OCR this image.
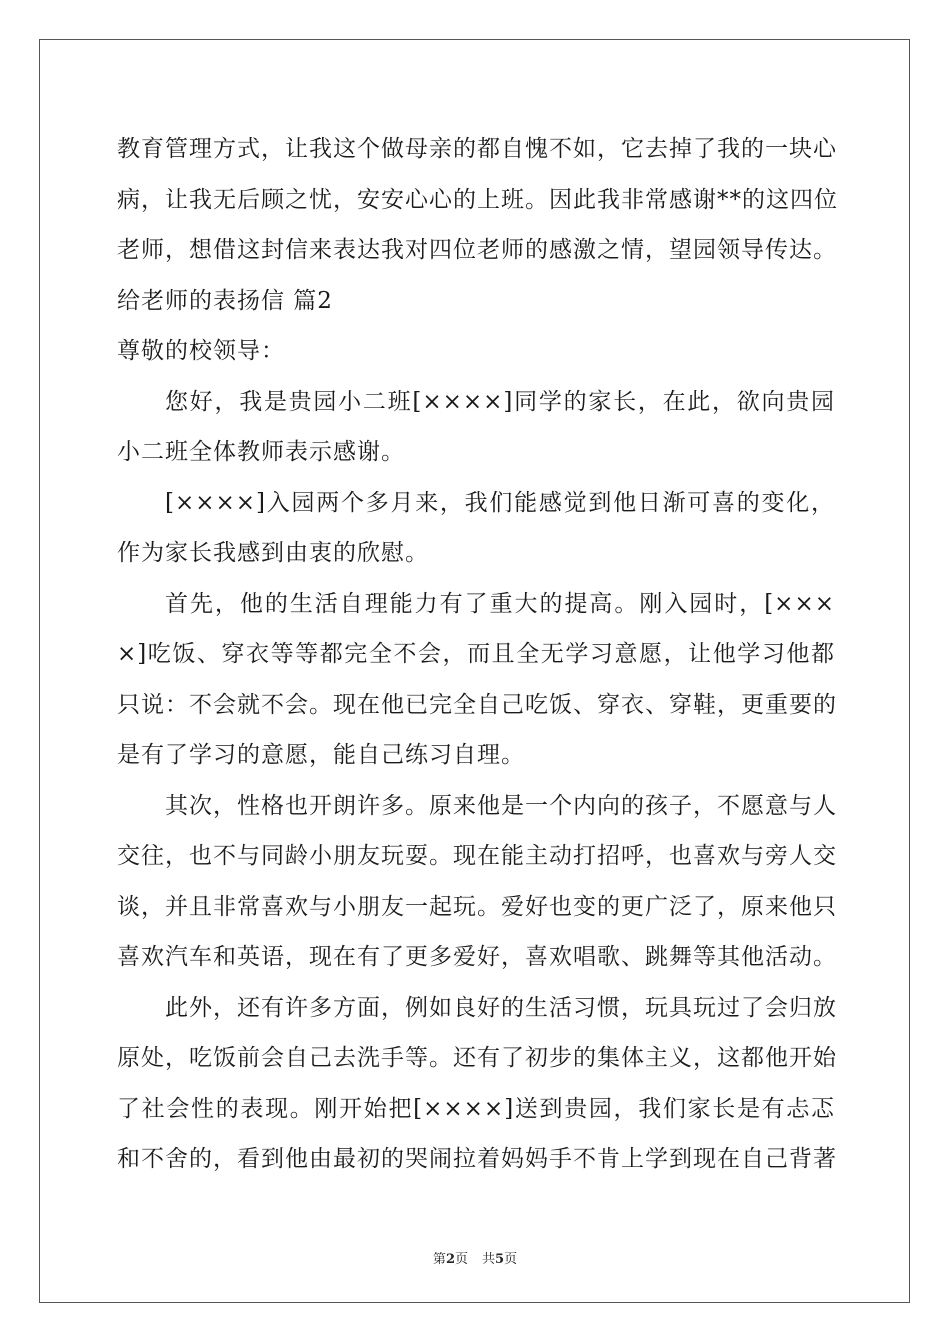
教育管理方式，让我这个做母亲的都自愧不如，它去掉了我的一块心
病，让我无后顾之忧，安安心心的上班。因此我非常感谢**的这四位
老师，想借这封信来表达我对四位老师的感激之情，望园领导传达。
给老师的表扬信 篇2
尊敬的校领导：
您好，我是贵园小二班[××××]同学的家长，在此，欲向贵园
小二班全体教师表示感谢。
[××××]入园两个多月来，我们能感觉到他日渐可喜的变化，
作为家长我感到由衷的欣慰。
首先，他的生活自理能力有了重大的提高。刚入园时，[×××
×]吃饭、穿衣等等都完全不会，而且全无学习意愿，让他学习他都
只说：不会就不会。现在他已完全自己吃饭、穿衣、穿鞋，更重要的
是有了学习的意愿，能自己练习自理。
其次，性格也开朗许多。原来他是一个内向的孩子，不愿意与人
交往，也不与同龄小朋友玩耍。现在能主动打招呼，也喜欢与旁人交
谈，并且非常喜欢与小朋友一起玩。爱好也变的更广泛了，原来他只
喜欢汽车和英语，现在有了更多爱好，喜欢唱歌、跳舞等其他活动。
此外，还有许多方面，例如良好的生活习惯，玩具玩过了会归放
原处，吃饭前会自己去洗手等。还有了初步的集体主义，这都他开始
了社会性的表现。刚开始把[××××]送到贵园，我们家长是有忐忑
和不舍的，看到他由最初的哭闹拉着妈妈手不肯上学到现在自己背著
第2页 共5页
